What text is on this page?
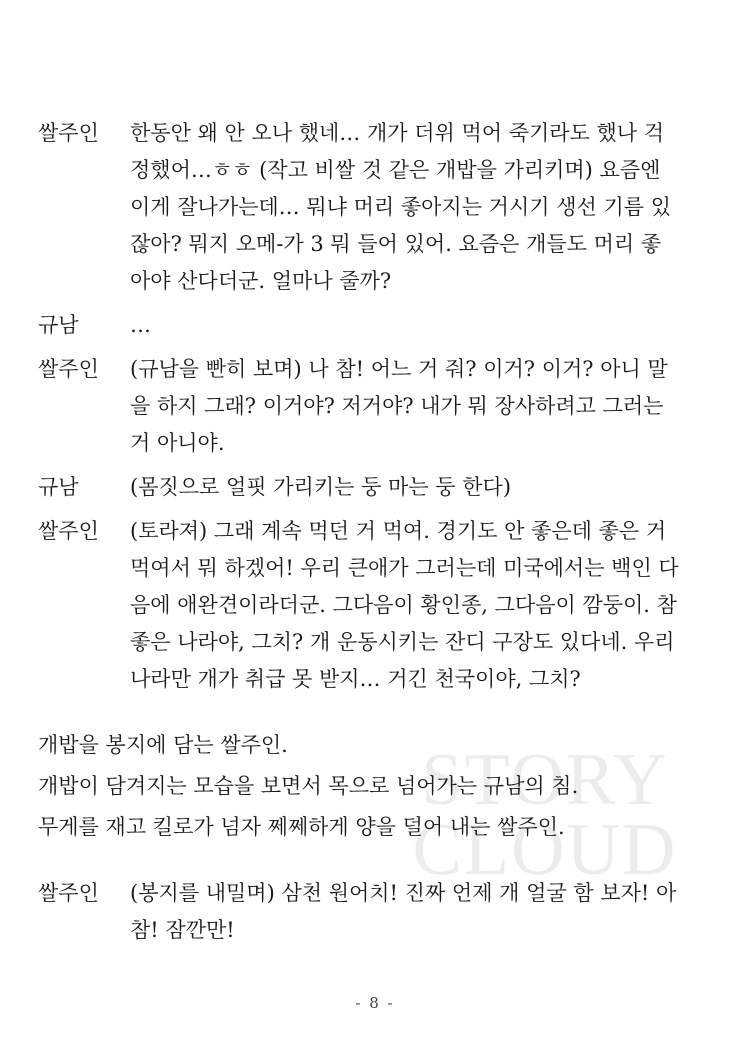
STORY
CLOUD
쌀주인 한동안 왜 안 오나 했네… 개가 더위 먹어 죽기라도 했나 걱
정했어…ㅎㅎ (작고 비쌀 것 같은 개밥을 가리키며) 요즘엔
이게 잘나가는데… 뭐냐 머리 좋아지는 거시기 생선 기름 있
잖아? 뭐지 오메-가 3 뭐 들어 있어. 요즘은 개들도 머리 좋
아야 산다더군. 얼마나 줄까?
규남 …
쌀주인 (규남을 빤히 보며) 나 참! 어느 거 줘? 이거? 이거? 아니 말
을 하지 그래? 이거야? 저거야? 내가 뭐 장사하려고 그러는
거 아니야.
규남 (몸짓으로 얼핏 가리키는 둥 마는 둥 한다)
쌀주인 (토라져) 그래 계속 먹던 거 먹여. 경기도 안 좋은데 좋은 거
먹여서 뭐 하겠어! 우리 큰애가 그러는데 미국에서는 백인 다
음에 애완견이라더군. 그다음이 황인종, 그다음이 깜둥이. 참
좋은 나라야, 그치? 개 운동시키는 잔디 구장도 있다네. 우리
나라만 개가 취급 못 받지… 거긴 천국이야, 그치?
개밥을 봉지에 담는 쌀주인.
개밥이 담겨지는 모습을 보면서 목으로 넘어가는 규남의 침.
무게를 재고 킬로가 넘자 쩨쩨하게 양을 덜어 내는 쌀주인.
쌀주인 (봉지를 내밀며) 삼천 원어치! 진짜 언제 개 얼굴 함 보자! 아
참! 잠깐만!
- 8 -
